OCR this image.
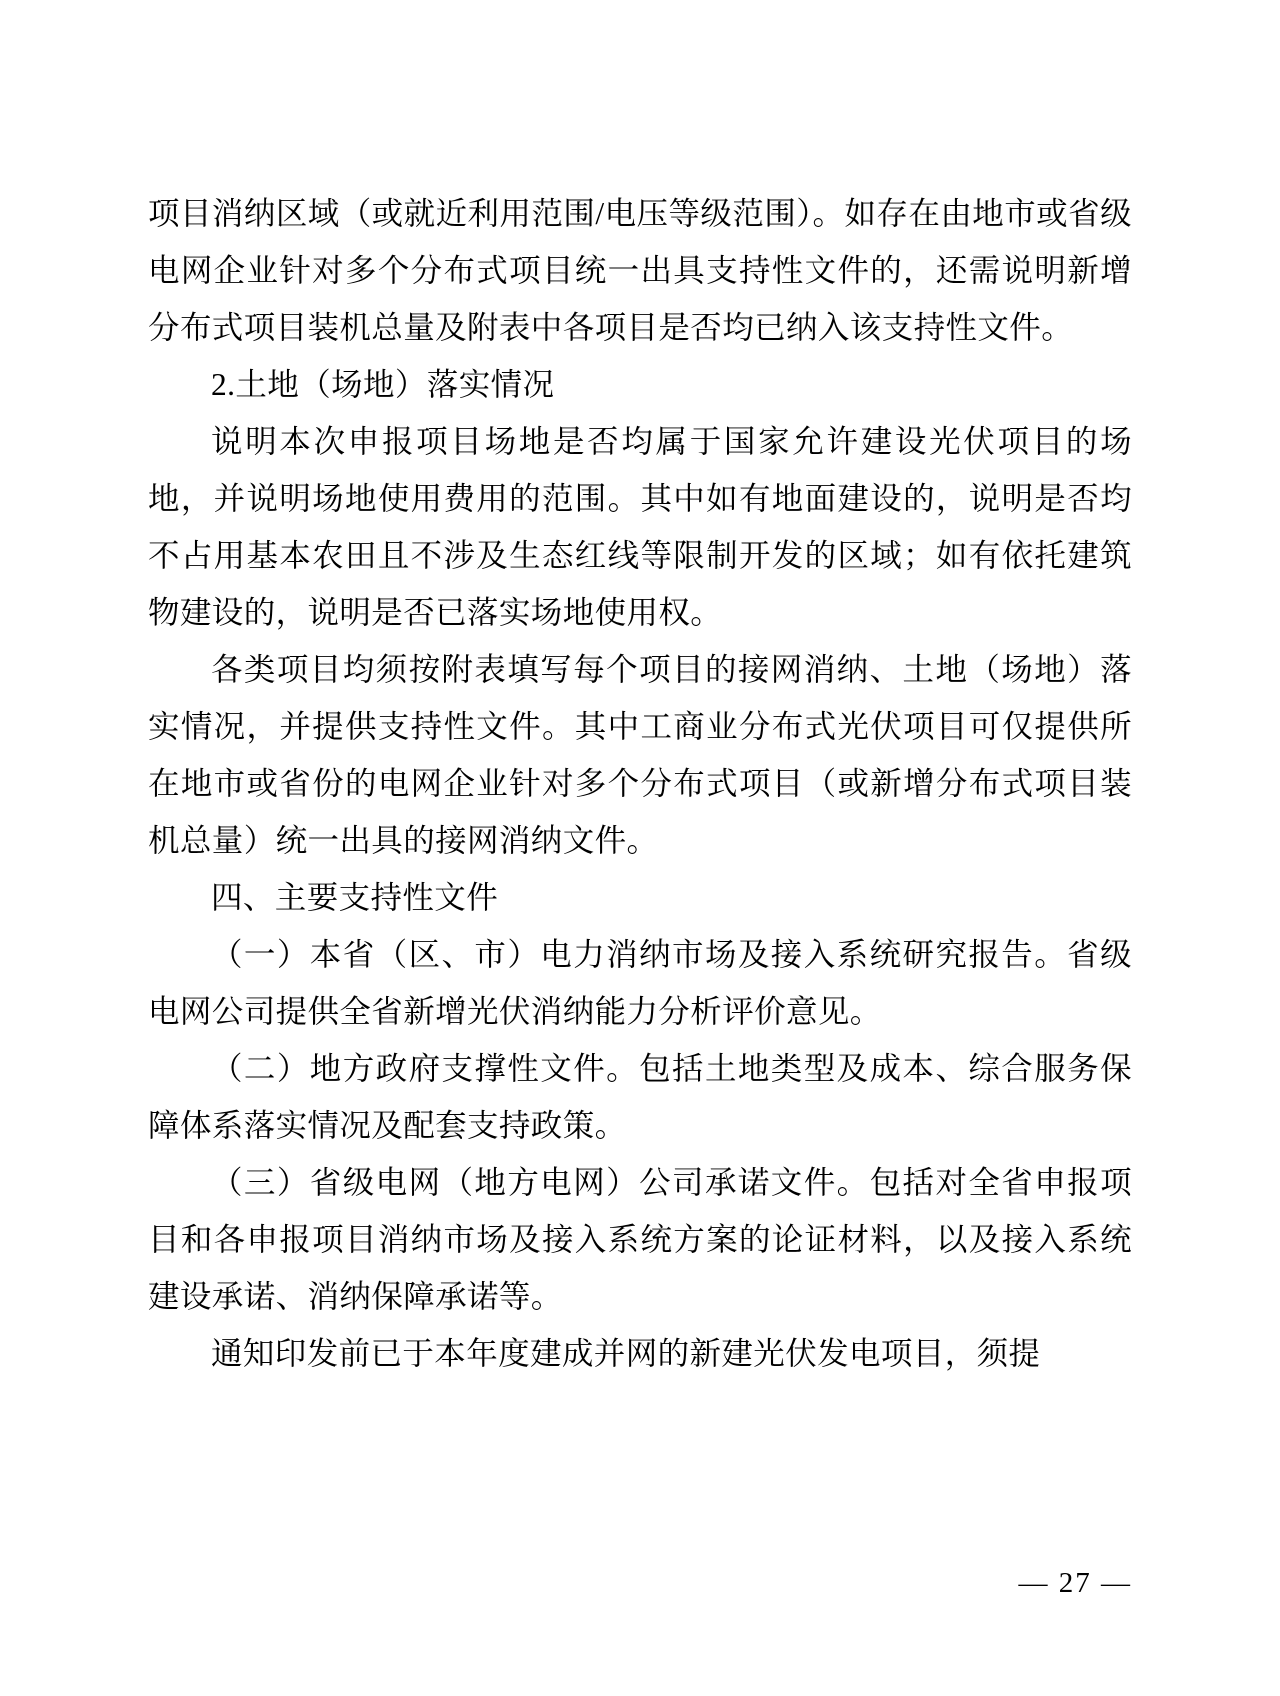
项目消纳区域（或就近利用范围/电压等级范围）。如存在由地市或省级电网企业针对多个分布式项目统一出具支持性文件的，还需说明新增分布式项目装机总量及附表中各项目是否均已纳入该支持性文件。

2.土地（场地）落实情况

说明本次申报项目场地是否均属于国家允许建设光伏项目的场地，并说明场地使用费用的范围。其中如有地面建设的，说明是否均不占用基本农田且不涉及生态红线等限制开发的区域；如有依托建筑物建设的，说明是否已落实场地使用权。

各类项目均须按附表填写每个项目的接网消纳、土地（场地）落实情况，并提供支持性文件。其中工商业分布式光伏项目可仅提供所在地市或省份的电网企业针对多个分布式项目（或新增分布式项目装机总量）统一出具的接网消纳文件。

四、主要支持性文件

（一）本省（区、市）电力消纳市场及接入系统研究报告。省级电网公司提供全省新增光伏消纳能力分析评价意见。

（二）地方政府支撑性文件。包括土地类型及成本、综合服务保障体系落实情况及配套支持政策。

（三）省级电网（地方电网）公司承诺文件。包括对全省申报项目和各申报项目消纳市场及接入系统方案的论证材料，以及接入系统建设承诺、消纳保障承诺等。

通知印发前已于本年度建成并网的新建光伏发电项目，须提

— 27 —
